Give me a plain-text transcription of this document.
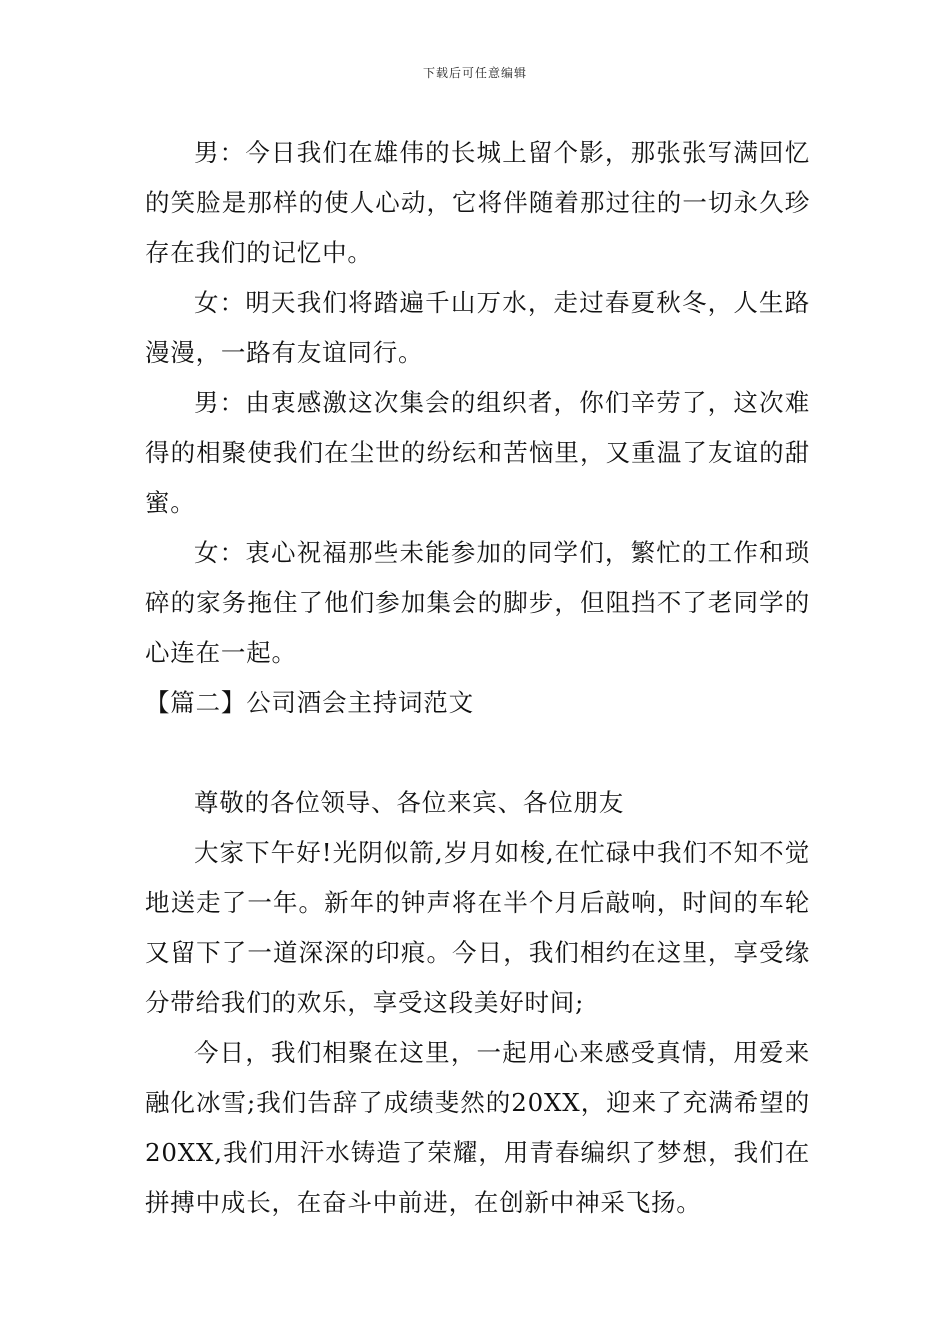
下载后可任意编辑

男：今日我们在雄伟的长城上留个影，那张张写满回忆的笑脸是那样的使人心动，它将伴随着那过往的一切永久珍存在我们的记忆中。

女：明天我们将踏遍千山万水，走过春夏秋冬，人生路漫漫，一路有友谊同行。

男：由衷感激这次集会的组织者，你们辛劳了，这次难得的相聚使我们在尘世的纷纭和苦恼里，又重温了友谊的甜蜜。

女：衷心祝福那些未能参加的同学们，繁忙的工作和琐碎的家务拖住了他们参加集会的脚步，但阻挡不了老同学的心连在一起。

【篇二】公司酒会主持词范文

尊敬的各位领导、各位来宾、各位朋友

大家下午好!光阴似箭,岁月如梭,在忙碌中我们不知不觉地送走了一年。新年的钟声将在半个月后敲响，时间的车轮又留下了一道深深的印痕。今日，我们相约在这里，享受缘分带给我们的欢乐，享受这段美好时间;

今日，我们相聚在这里，一起用心来感受真情，用爱来融化冰雪;我们告辞了成绩斐然的20XX，迎来了充满希望的20XX,我们用汗水铸造了荣耀，用青春编织了梦想，我们在拼搏中成长，在奋斗中前进，在创新中神采飞扬。
